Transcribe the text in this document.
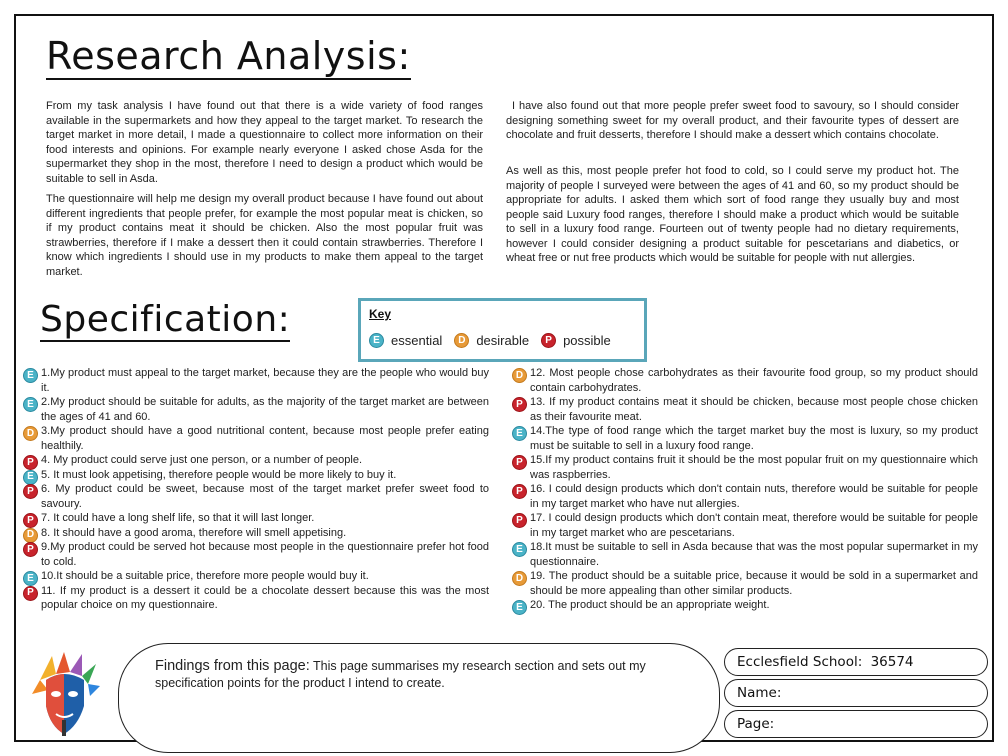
Research Analysis:
From my task analysis I have found out that there is a wide variety of food ranges available in the supermarkets and how they appeal to the target market. To research the target market in more detail, I made a questionnaire to collect more information on their food interests and opinions. For example nearly everyone I asked chose Asda for the supermarket they shop in the most, therefore I need to design a product which would be suitable to sell in Asda.
The questionnaire will help me design my overall product because I have found out about different ingredients that people prefer, for example the most popular meat is chicken, so if my product contains meat it should be chicken. Also the most popular fruit was strawberries, therefore if I make a dessert then it could contain strawberries. Therefore I know which ingredients I should use in my products to make them appeal to the target market.
I have also found out that more people prefer sweet food to savoury, so I should consider designing something sweet for my overall product, and their favourite types of dessert are chocolate and fruit desserts, therefore I should make a dessert which contains chocolate.
As well as this, most people prefer hot food to cold, so I could serve my product hot. The majority of people I surveyed were between the ages of 41 and 60, so my product should be appropriate for adults. I asked them which sort of food range they usually buy and most people said Luxury food ranges, therefore I should make a product which would be suitable to sell in a luxury food range. Fourteen out of twenty people had no dietary requirements, however I could consider designing a product suitable for pescetarians and diabetics, or wheat free or nut free products which would be suitable for people with nut allergies.
Specification:	Key
E essential	D desirable	P possible
E 1.My product must appeal to the target market, because they are the people who would buy it.
E 2.My product should be suitable for adults, as the majority of the target market are between the ages of 41 and 60.
D 3.My product should have a good nutritional content, because most people prefer eating healthily.
P 4. My product could serve just one person, or a number of people.
E 5. It must look appetising, therefore people would be more likely to buy it.
P 6. My product could be sweet, because most of the target market prefer sweet food to savoury.
P 7. It could have a long shelf life, so that it will last longer.
D 8. It should have a good aroma, therefore will smell appetising.
P 9.My product could be served hot because most people in the questionnaire prefer hot food to cold.
E 10.It should be a suitable price, therefore more people would buy it.
P 11. If my product is a dessert it could be a chocolate dessert because this was the most popular choice on my questionnaire.
D 12. Most people chose carbohydrates as their favourite food group, so my product should contain carbohydrates.
P 13. If my product contains meat it should be chicken, because most people chose chicken as their favourite meat.
E 14.The type of food range which the target market buy the most is luxury, so my product must be suitable to sell in a luxury food range.
P 15.If my product contains fruit it should be the most popular fruit on my questionnaire which was raspberries.
P 16. I could design products which don't contain nuts, therefore would be suitable for people in my target market who have nut allergies.
P 17. I could design products which don't contain meat, therefore would be suitable for people in my target market who are pescetarians.
E 18.It must be suitable to sell in Asda because that was the most popular supermarket in my questionnaire.
D 19. The product should be a suitable price, because it would be sold in a supermarket and should be more appealing than other similar products.
E 20. The product should be an appropriate weight.
Findings from this page: This page summarises my research section and sets out my specification points for the product I intend to create.
Ecclesfield School: 36574
Name:
Page:
